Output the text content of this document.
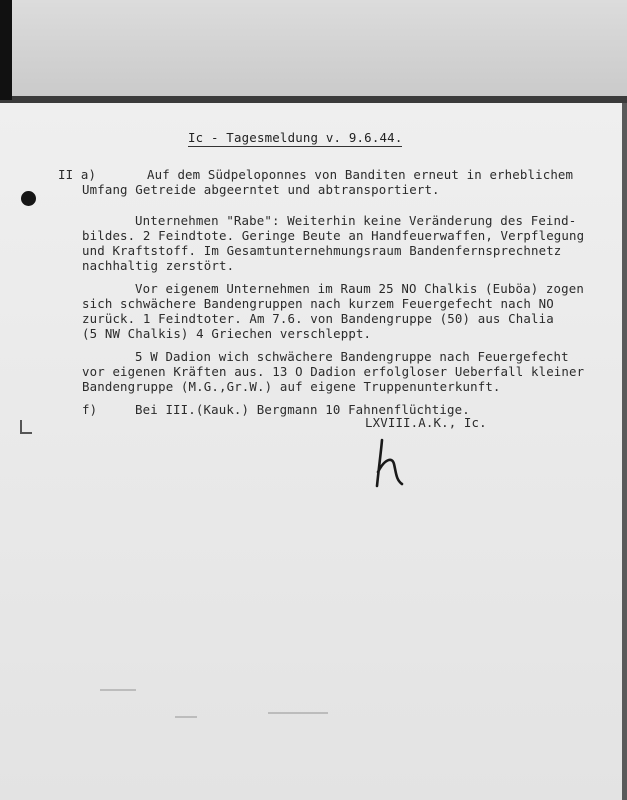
Ic - Tagesmeldung v. 9.6.44.
II a)	Auf dem Südpeloponnes von Banditen erneut in erheblichem
Umfang Getreide abgeerntet und abtransportiert.
Unternehmen "Rabe": Weiterhin keine Veränderung des Feind-
bildes. 2 Feindtote. Geringe Beute an Handfeuerwaffen, Verpflegung
und Kraftstoff. Im Gesamtunternehmungsraum Bandenfernsprechnetz
nachhaltig zerstört.
Vor eigenem Unternehmen im Raum 25 NO Chalkis (Euböa) zogen
sich schwächere Bandengruppen nach kurzem Feuergefecht nach NO
zurück. 1 Feindtoter. Am 7.6. von Bandengruppe (50) aus Chalia
(5 NW Chalkis) 4 Griechen verschleppt.
5 W Dadion wich schwächere Bandengruppe nach Feuergefecht
vor eigenen Kräften aus. 13 O Dadion erfolgloser Ueberfall kleiner
Bandengruppe (M.G.,Gr.W.) auf eigene Truppenunterkunft.
f)	Bei III.(Kauk.) Bergmann 10 Fahnenflüchtige.
LXVIII.A.K., Ic.
